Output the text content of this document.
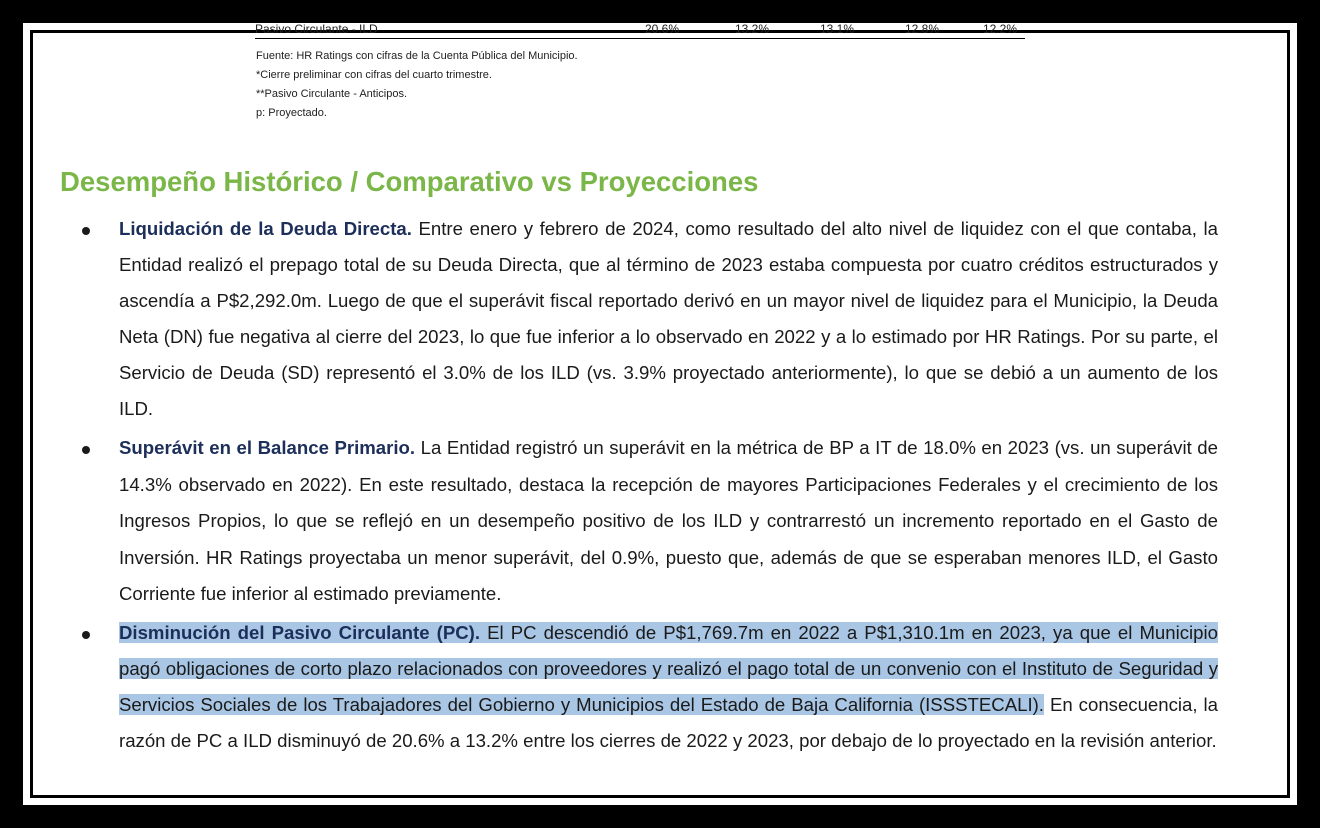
Pasivo Circulante - ILD	20.6%	13.2%	13.1%	12.8%	12.2%
Fuente: HR Ratings con cifras de la Cuenta Pública del Municipio.
*Cierre preliminar con cifras del cuarto trimestre.
**Pasivo Circulante - Anticipos.
p: Proyectado.
Desempeño Histórico / Comparativo vs Proyecciones

Liquidación de la Deuda Directa. Entre enero y febrero de 2024, como resultado del alto nivel de liquidez con el que contaba, la Entidad realizó el prepago total de su Deuda Directa, que al término de 2023 estaba compuesta por cuatro créditos estructurados y ascendía a P$2,292.0m. Luego de que el superávit fiscal reportado derivó en un mayor nivel de liquidez para el Municipio, la Deuda Neta (DN) fue negativa al cierre del 2023, lo que fue inferior a lo observado en 2022 y a lo estimado por HR Ratings. Por su parte, el Servicio de Deuda (SD) representó el 3.0% de los ILD (vs. 3.9% proyectado anteriormente), lo que se debió a un aumento de los ILD.

Superávit en el Balance Primario. La Entidad registró un superávit en la métrica de BP a IT de 18.0% en 2023 (vs. un superávit de 14.3% observado en 2022). En este resultado, destaca la recepción de mayores Participaciones Federales y el crecimiento de los Ingresos Propios, lo que se reflejó en un desempeño positivo de los ILD y contrarrestó un incremento reportado en el Gasto de Inversión. HR Ratings proyectaba un menor superávit, del 0.9%, puesto que, además de que se esperaban menores ILD, el Gasto Corriente fue inferior al estimado previamente.

Disminución del Pasivo Circulante (PC). El PC descendió de P$1,769.7m en 2022 a P$1,310.1m en 2023, ya que el Municipio pagó obligaciones de corto plazo relacionados con proveedores y realizó el pago total de un convenio con el Instituto de Seguridad y Servicios Sociales de los Trabajadores del Gobierno y Municipios del Estado de Baja California (ISSSTECALI). En consecuencia, la razón de PC a ILD disminuyó de 20.6% a 13.2% entre los cierres de 2022 y 2023, por debajo de lo proyectado en la revisión anterior.
